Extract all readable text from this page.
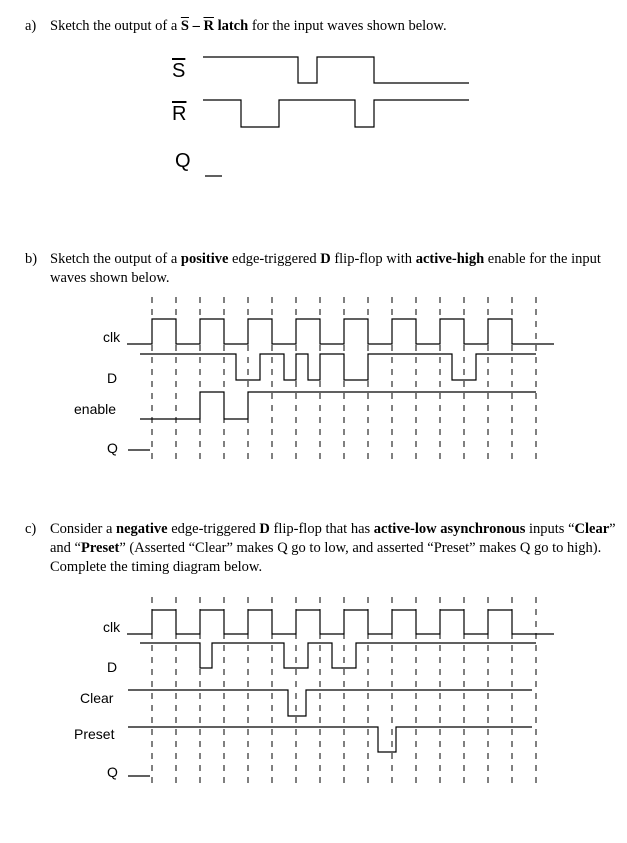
a) Sketch the output of a $\overline{S} - \overline{R}$ latch for the input waves shown below.
$\overline{S}$
$\overline{R}$
Q
b) Sketch the output of a positive edge-triggered D flip-flop with active-high enable for the input waves shown below.
clk
D
enable
Q
c) Consider a negative edge-triggered D flip-flop that has active-low asynchronous inputs “Clear” and “Preset” (Asserted “Clear” makes Q go to low, and asserted “Preset” makes Q go to high). Complete the timing diagram below.
clk
D
Clear
Preset
Q
